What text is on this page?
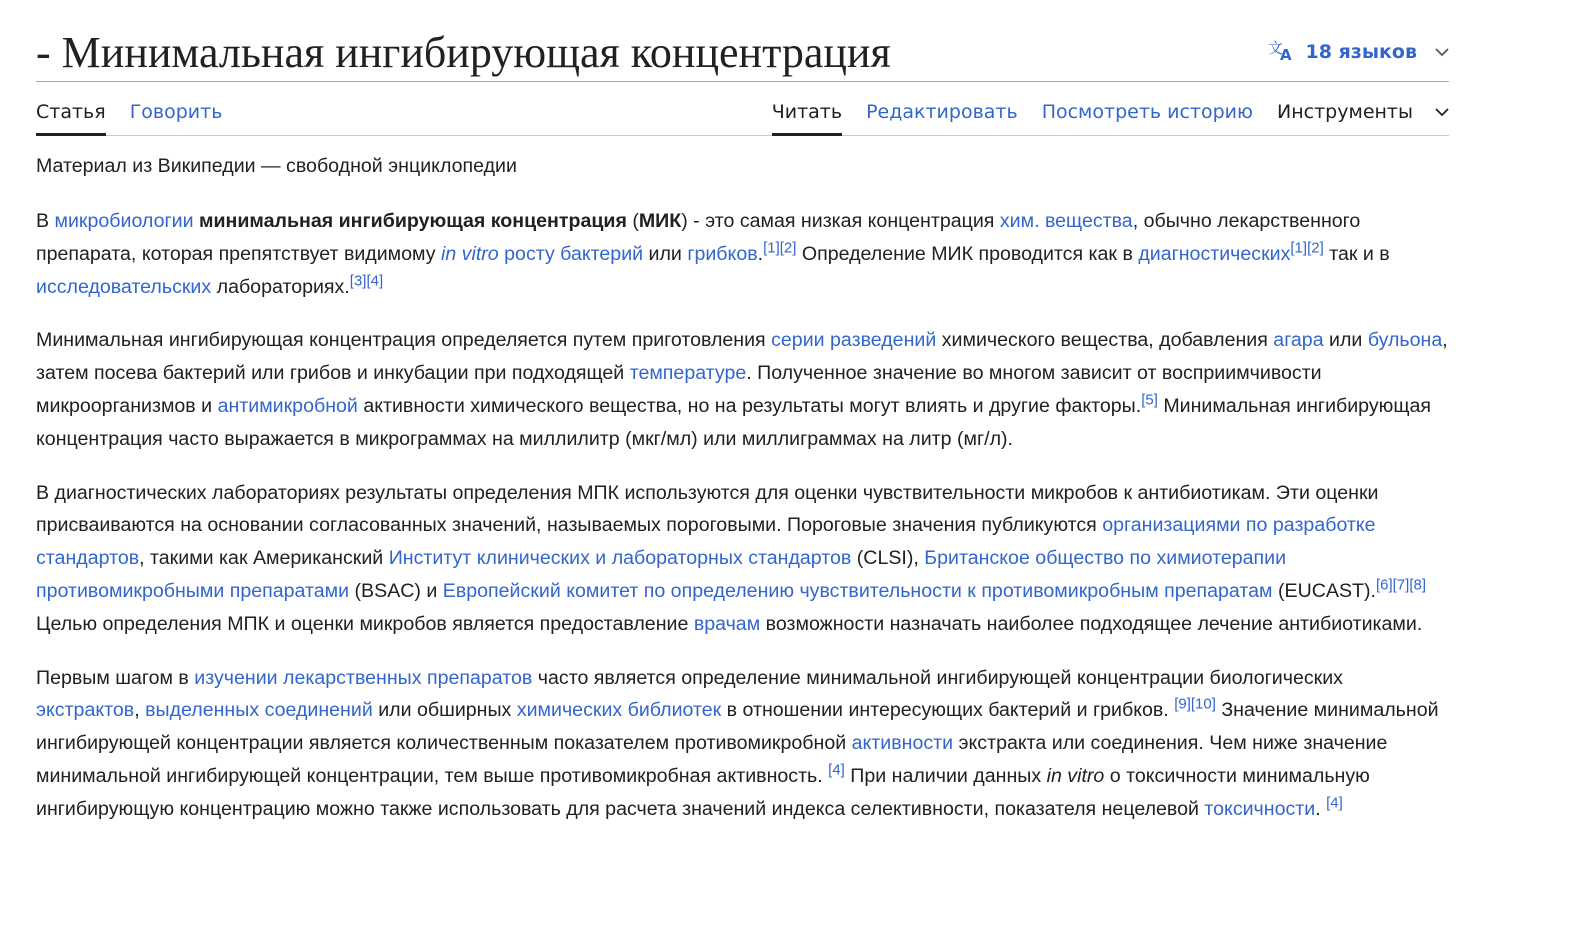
- Минимальная ингибирующая концентрация	文
A 18 языков
Статья Говорить	Читать Редактировать Посмотреть историю Инструменты
Материал из Википедии — свободной энциклопедии

В микробиологии минимальная ингибирующая концентрация (МИК) - это самая низкая концентрация хим. вещества, обычно лекарственного препарата, которая препятствует видимому in vitro росту бактерий или грибков.[1][2] Определение МИК проводится как в диагностических[1][2] так и в исследовательских лабораториях.[3][4]

Минимальная ингибирующая концентрация определяется путем приготовления серии разведений химического вещества, добавления агара или бульона, затем посева бактерий или грибов и инкубации при подходящей температуре. Полученное значение во многом зависит от восприимчивости микроорганизмов и антимикробной активности химического вещества, но на результаты могут влиять и другие факторы.[5] Минимальная ингибирующая концентрация часто выражается в микрограммах на миллилитр (мкг/мл) или миллиграммах на литр (мг/л).

В диагностических лабораториях результаты определения МПК используются для оценки чувствительности микробов к антибиотикам. Эти оценки присваиваются на основании согласованных значений, называемых пороговыми. Пороговые значения публикуются организациями по разработке стандартов, такими как Американский Институт клинических и лабораторных стандартов (CLSI), Британское общество по химиотерапии противомикробными препаратами (BSAC) и Европейский комитет по определению чувствительности к противомикробным препаратам (EUCAST).[6][7][8] Целью определения МПК и оценки микробов является предоставление врачам возможности назначать наиболее подходящее лечение антибиотиками.

Первым шагом в изучении лекарственных препаратов часто является определение минимальной ингибирующей концентрации биологических экстрактов, выделенных соединений или обширных химических библиотек в отношении интересующих бактерий и грибков. [9][10] Значение минимальной ингибирующей концентрации является количественным показателем противомикробной активности экстракта или соединения. Чем ниже значение минимальной ингибирующей концентрации, тем выше противомикробная активность. [4] При наличии данных in vitro о токсичности минимальную ингибирующую концентрацию можно также использовать для расчета значений индекса селективности, показателя нецелевой токсичности. [4]
